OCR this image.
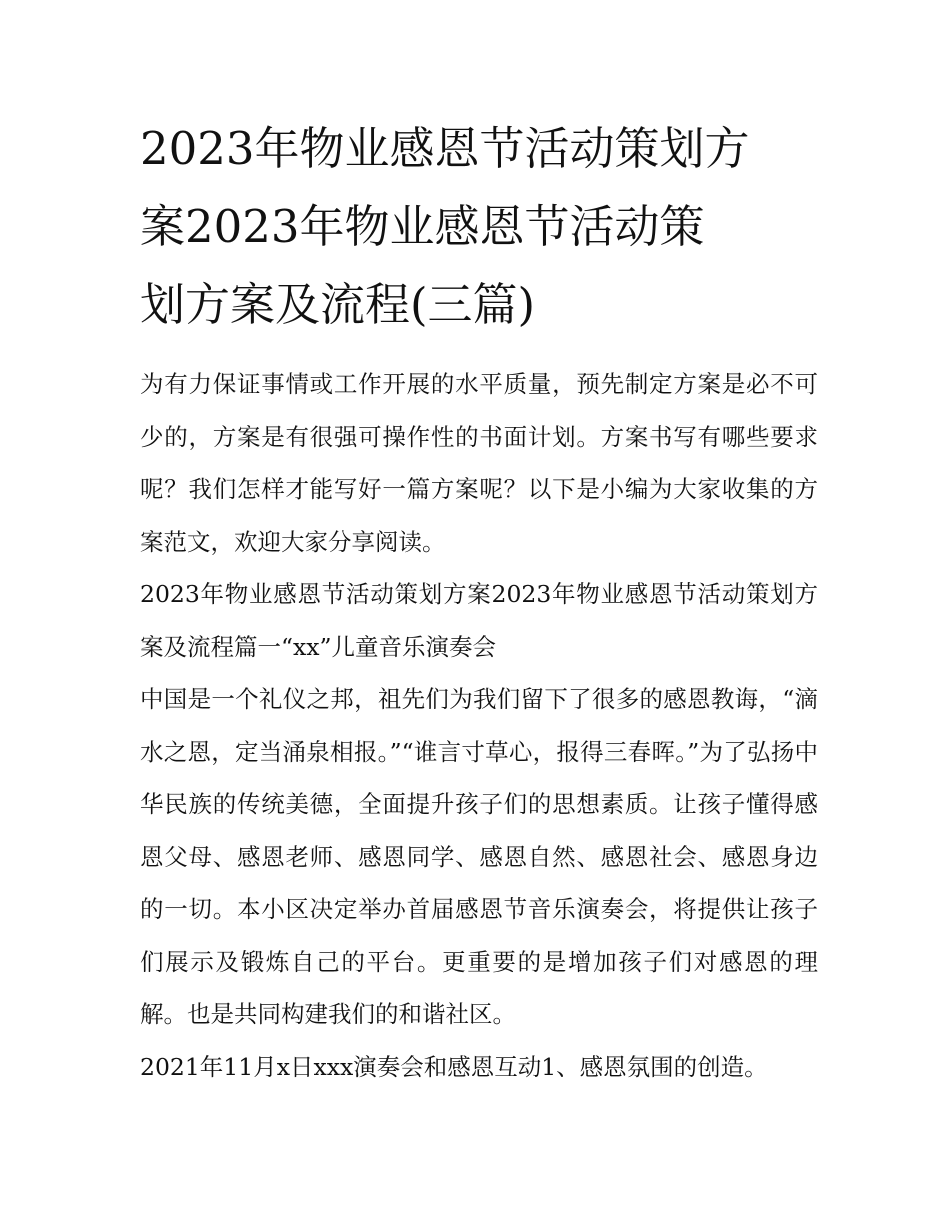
2023年物业感恩节活动策划方
案2023年物业感恩节活动策
划方案及流程(三篇)

为有力保证事情或工作开展的水平质量，预先制定方案是必不可少的，方案是有很强可操作性的书面计划。方案书写有哪些要求呢？我们怎样才能写好一篇方案呢？以下是小编为大家收集的方案范文，欢迎大家分享阅读。

2023年物业感恩节活动策划方案2023年物业感恩节活动策划方案及流程篇一“xx”儿童音乐演奏会

中国是一个礼仪之邦，祖先们为我们留下了很多的感恩教诲，“滴水之恩，定当涌泉相报。”“谁言寸草心，报得三春晖。”为了弘扬中华民族的传统美德，全面提升孩子们的思想素质。让孩子懂得感恩父母、感恩老师、感恩同学、感恩自然、感恩社会、感恩身边的一切。本小区决定举办首届感恩节音乐演奏会，将提供让孩子们展示及锻炼自己的平台。更重要的是增加孩子们对感恩的理解。也是共同构建我们的和谐社区。

2021年11月x日xxx演奏会和感恩互动1、感恩氛围的创造。
